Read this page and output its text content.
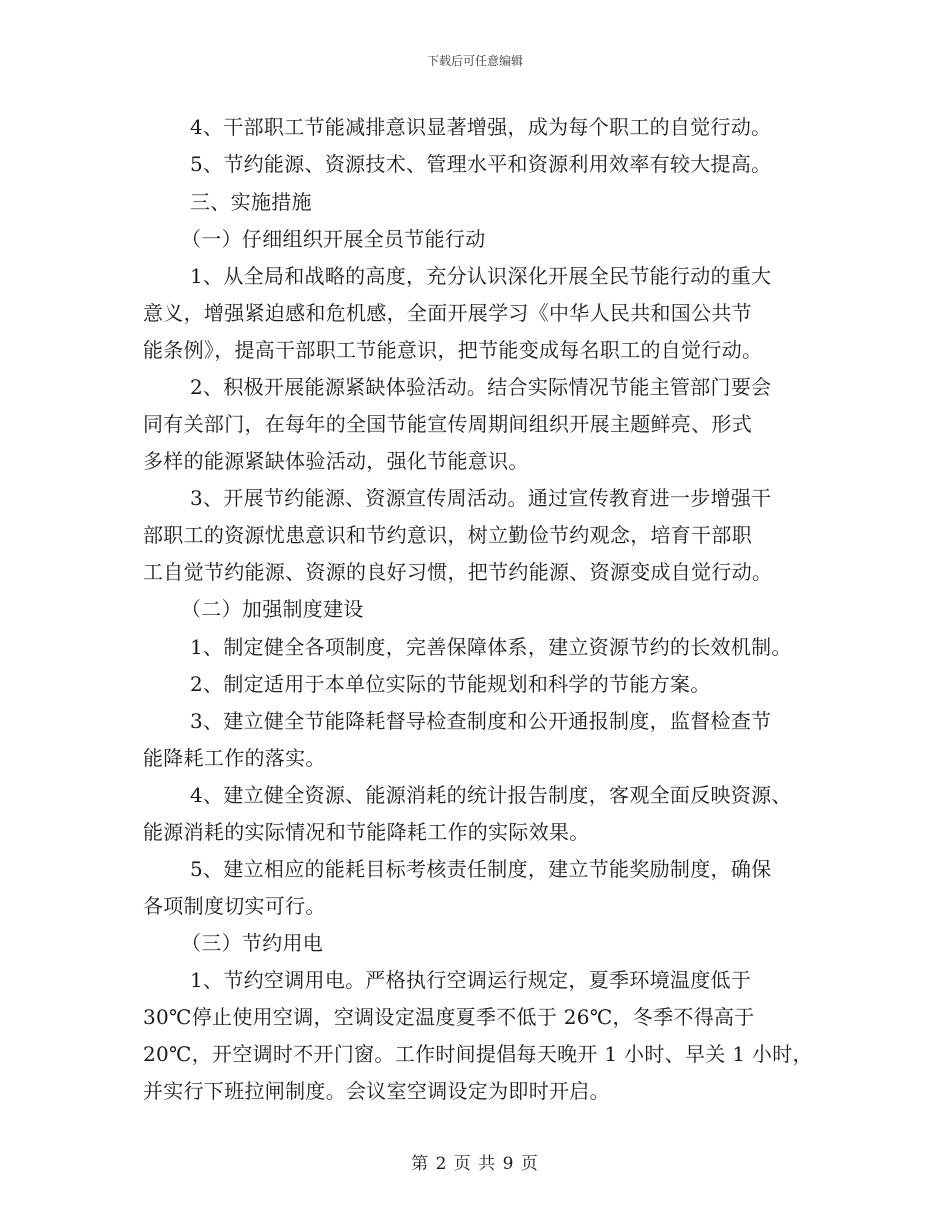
下载后可任意编辑
4、干部职工节能减排意识显著增强，成为每个职工的自觉行动。
5、节约能源、资源技术、管理水平和资源利用效率有较大提高。
三、实施措施
（一）仔细组织开展全员节能行动
1、从全局和战略的高度，充分认识深化开展全民节能行动的重大
意义，增强紧迫感和危机感，全面开展学习《中华人民共和国公共节
能条例》，提高干部职工节能意识，把节能变成每名职工的自觉行动。
2、积极开展能源紧缺体验活动。结合实际情况节能主管部门要会
同有关部门，在每年的全国节能宣传周期间组织开展主题鲜亮、形式
多样的能源紧缺体验活动，强化节能意识。
3、开展节约能源、资源宣传周活动。通过宣传教育进一步增强干
部职工的资源忧患意识和节约意识，树立勤俭节约观念，培育干部职
工自觉节约能源、资源的良好习惯，把节约能源、资源变成自觉行动。
（二）加强制度建设
1、制定健全各项制度，完善保障体系，建立资源节约的长效机制。
2、制定适用于本单位实际的节能规划和科学的节能方案。
3、建立健全节能降耗督导检查制度和公开通报制度，监督检查节
能降耗工作的落实。
4、建立健全资源、能源消耗的统计报告制度，客观全面反映资源、
能源消耗的实际情况和节能降耗工作的实际效果。
5、建立相应的能耗目标考核责任制度，建立节能奖励制度，确保
各项制度切实可行。
（三）节约用电
1、节约空调用电。严格执行空调运行规定，夏季环境温度低于
30℃停止使用空调，空调设定温度夏季不低于 26℃，冬季不得高于
20℃，开空调时不开门窗。工作时间提倡每天晚开 1 小时、早关 1 小时，
并实行下班拉闸制度。会议室空调设定为即时开启。
第 2 页 共 9 页
